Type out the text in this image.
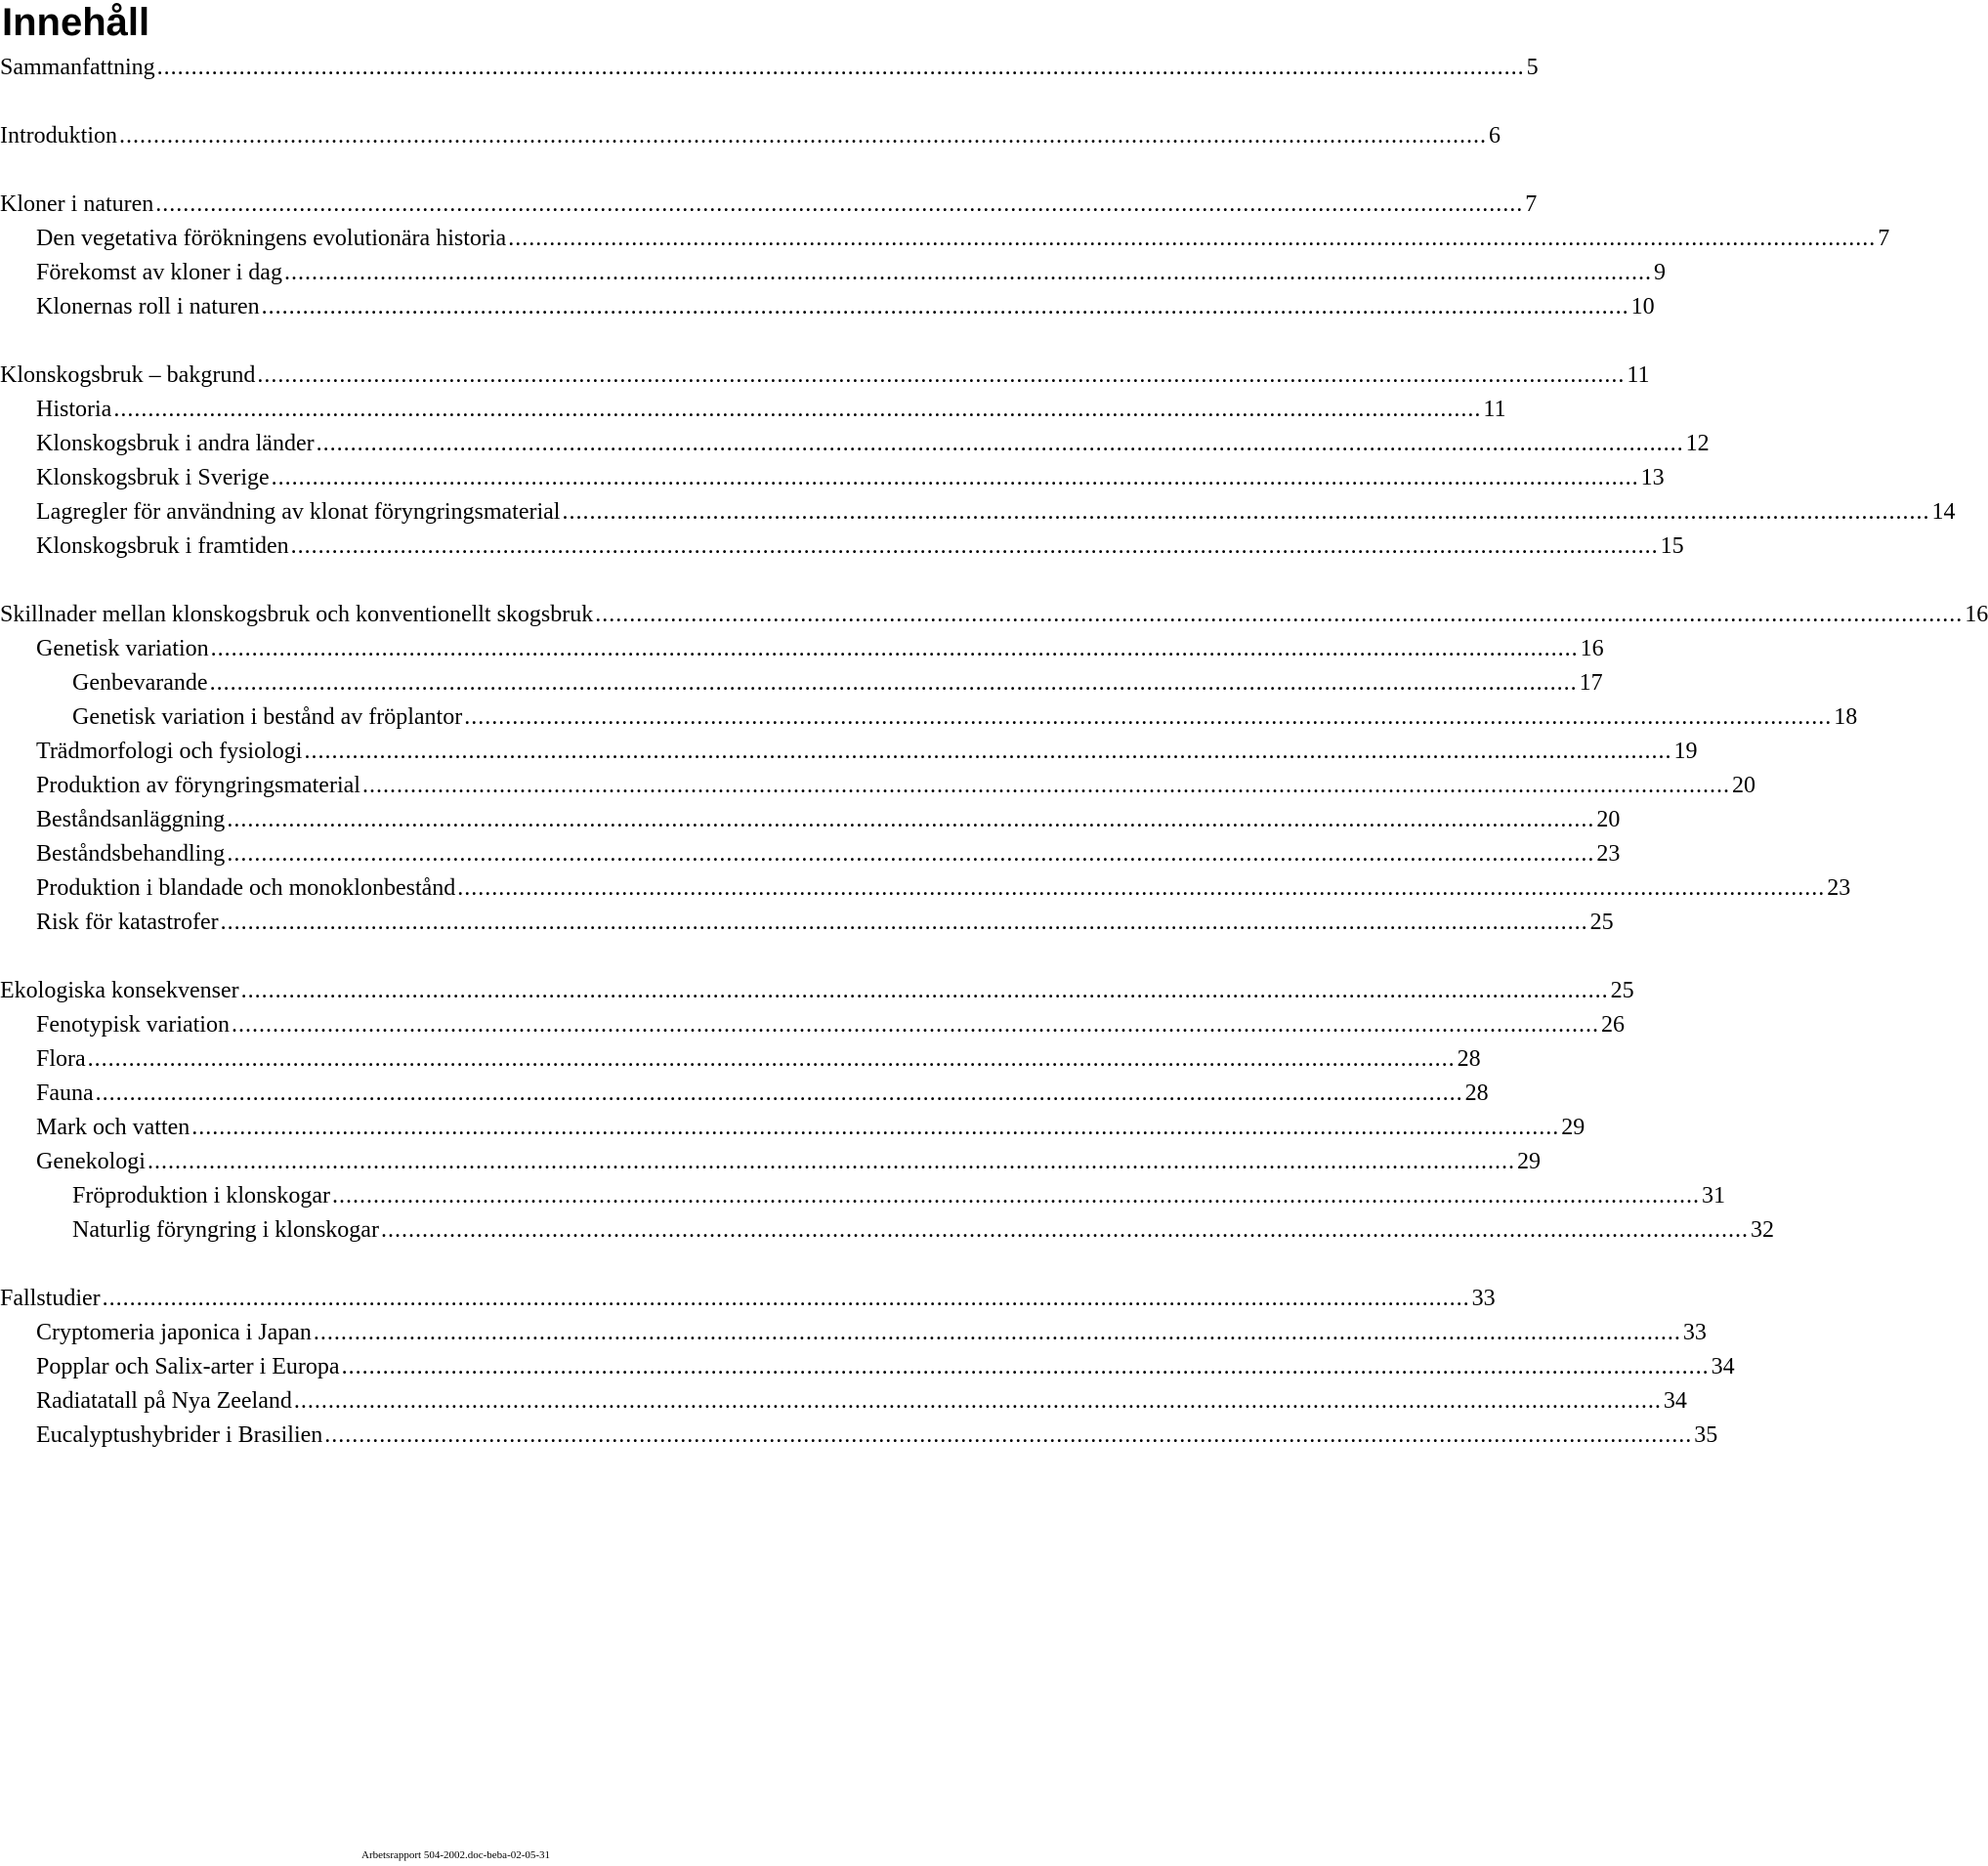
Innehåll
Sammanfattning ........................................................................................................................................................................................................ 5
Introduktion ........................................................................................................................................................................................................ 6
Kloner i naturen ........................................................................................................................................................................................................ 7
Den vegetativa förökningens evolutionära historia ........................................................................................................................................................................................................ 7
Förekomst av kloner i dag ........................................................................................................................................................................................................ 9
Klonernas roll i naturen ........................................................................................................................................................................................................ 10
Klonskogsbruk – bakgrund ........................................................................................................................................................................................................ 11
Historia ........................................................................................................................................................................................................ 11
Klonskogsbruk i andra länder ........................................................................................................................................................................................................ 12
Klonskogsbruk i Sverige ........................................................................................................................................................................................................ 13
Lagregler för användning av klonat föryngringsmaterial ........................................................................................................................................................................................................ 14
Klonskogsbruk i framtiden ........................................................................................................................................................................................................ 15
Skillnader mellan klonskogsbruk och konventionellt skogsbruk ........................................................................................................................................................................................................ 16
Genetisk variation ........................................................................................................................................................................................................ 16
Genbevarande ........................................................................................................................................................................................................ 17
Genetisk variation i bestånd av fröplantor ........................................................................................................................................................................................................ 18
Trädmorfologi och fysiologi ........................................................................................................................................................................................................ 19
Produktion av föryngringsmaterial ........................................................................................................................................................................................................ 20
Beståndsanläggning ........................................................................................................................................................................................................ 20
Beståndsbehandling ........................................................................................................................................................................................................ 23
Produktion i blandade och monoklonbestånd ........................................................................................................................................................................................................ 23
Risk för katastrofer ........................................................................................................................................................................................................ 25
Ekologiska konsekvenser ........................................................................................................................................................................................................ 25
Fenotypisk variation ........................................................................................................................................................................................................ 26
Flora ........................................................................................................................................................................................................ 28
Fauna ........................................................................................................................................................................................................ 28
Mark och vatten ........................................................................................................................................................................................................ 29
Genekologi ........................................................................................................................................................................................................ 29
Fröproduktion i klonskogar ........................................................................................................................................................................................................ 31
Naturlig föryngring i klonskogar ........................................................................................................................................................................................................ 32
Fallstudier ........................................................................................................................................................................................................ 33
Cryptomeria japonica i Japan ........................................................................................................................................................................................................ 33
Popplar och Salix-arter i Europa ........................................................................................................................................................................................................ 34
Radiatatall på Nya Zeeland ........................................................................................................................................................................................................ 34
Eucalyptushybrider i Brasilien ........................................................................................................................................................................................................ 35
Arbetsrapport 504-2002.doc-beba-02-05-31
